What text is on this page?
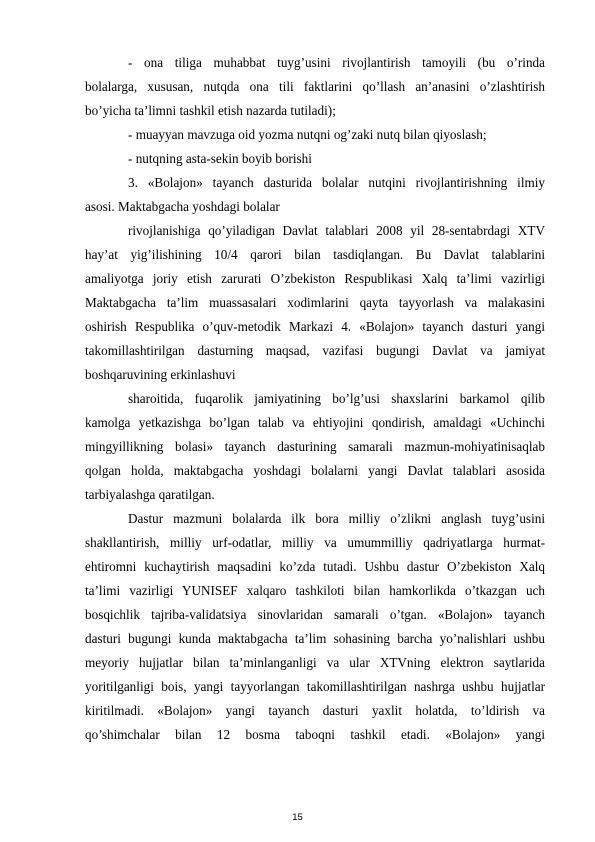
- ona tiliga muhabbat tuyg’usini rivojlantirish tamoyili (bu o’rinda
bolalarga, xususan, nutqda ona tili faktlarini qo’llash an’anasini o’zlashtirish
bo’yicha ta’limni tashkil etish nazarda tutiladi);
- muayyan mavzuga oid yozma nutqni og’zaki nutq bilan qiyoslash;
- nutqning asta-sekin boyib borishi
3. «Bolajon» tayanch dasturida bolalar nutqini rivojlantirishning ilmiy
asosi. Maktabgacha yoshdagi bolalar
rivojlanishiga qo’yiladigan Davlat talablari 2008 yil 28-sentabrdagi XTV
hay’at yig’ilishining 10/4 qarori bilan tasdiqlangan. Bu Davlat talablarini
amaliyotga joriy etish zarurati O’zbekiston Respublikasi Xalq ta’limi vazirligi
Maktabgacha ta’lim muassasalari xodimlarini qayta tayyorlash va malakasini
oshirish Respublika o’quv-metodik Markazi 4. «Bolajon» tayanch dasturi yangi
takomillashtirilgan dasturning maqsad, vazifasi bugungi Davlat va jamiyat
boshqaruvining erkinlashuvi
sharoitida, fuqarolik jamiyatining bo’lg’usi shaxslarini barkamol qilib
kamolga yetkazishga bo’lgan talab va ehtiyojini qondirish, amaldagi «Uchinchi
mingyillikning bolasi» tayanch dasturining samarali mazmun-mohiyatinisaqlab
qolgan holda, maktabgacha yoshdagi bolalarni yangi Davlat talablari asosida
tarbiyalashga qaratilgan.
Dastur mazmuni bolalarda ilk bora milliy o’zlikni anglash tuyg’usini
shakllantirish, milliy urf-odatlar, milliy va umummilliy qadriyatlarga hurmat-
ehtiromni kuchaytirish maqsadini ko’zda tutadi. Ushbu dastur O’zbekiston Xalq
ta’limi vazirligi YUNISEF xalqaro tashkiloti bilan hamkorlikda o’tkazgan uch
bosqichlik tajriba-validatsiya sinovlaridan samarali o’tgan. «Bolajon» tayanch
dasturi bugungi kunda maktabgacha ta’lim sohasining barcha yo’nalishlari ushbu
meyoriy hujjatlar bilan ta’minlanganligi va ular XTVning elektron saytlarida
yoritilganligi bois, yangi tayyorlangan takomillashtirilgan nashrga ushbu hujjatlar
kiritilmadi. «Bolajon» yangi tayanch dasturi yaxlit holatda, to’ldirish va
qo’shimchalar bilan 12 bosma taboqni tashkil etadi. «Bolajon» yangi
15
